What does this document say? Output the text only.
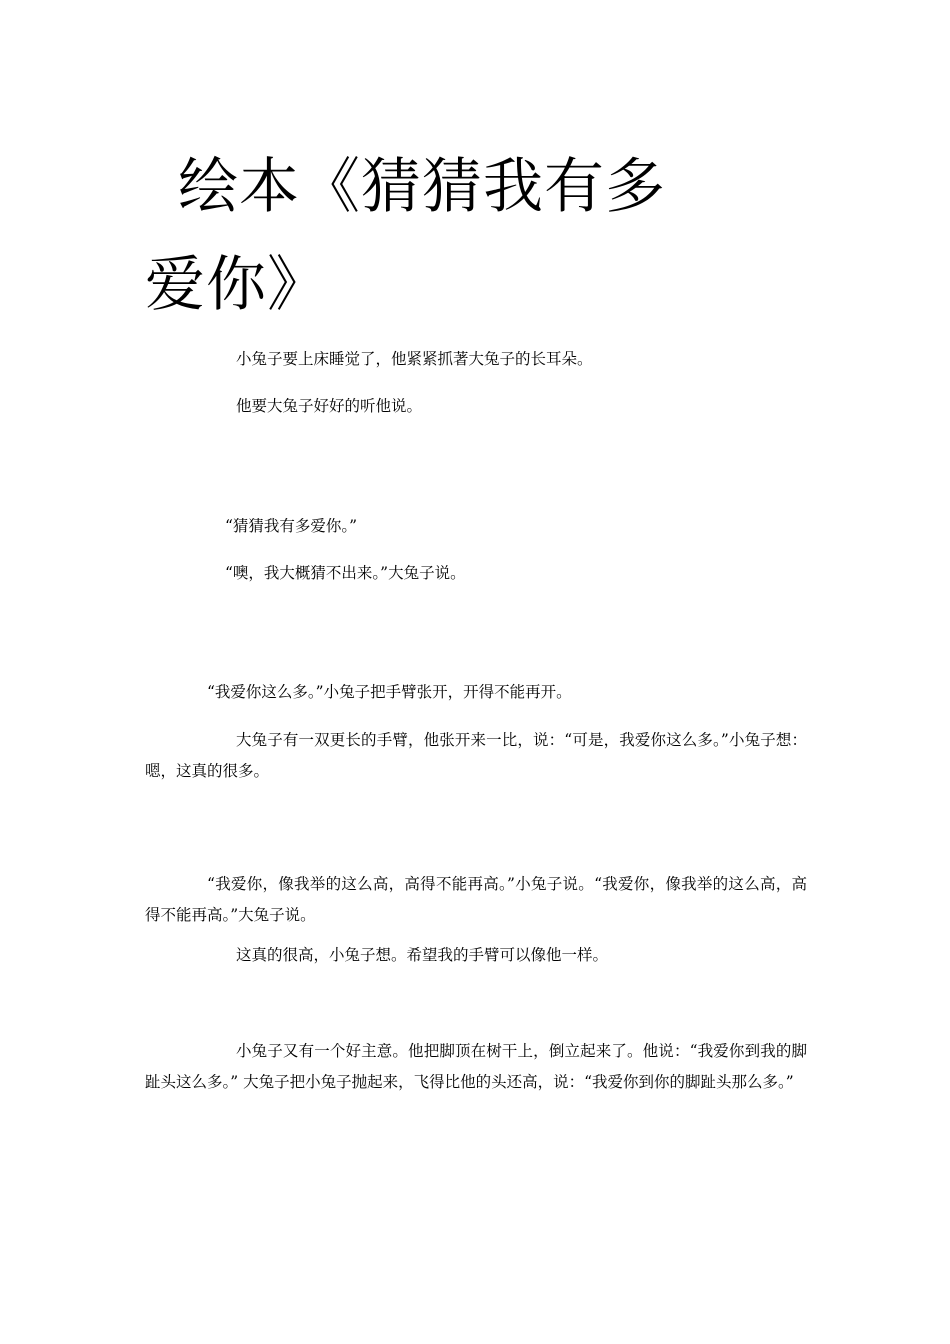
绘本《猜猜我有多爱你》

小兔子要上床睡觉了，他紧紧抓著大兔子的长耳朵。

他要大兔子好好的听他说。

“猜猜我有多爱你。”

“噢，我大概猜不出来。”大兔子说。

“我爱你这么多。”小兔子把手臂张开，开得不能再开。

大兔子有一双更长的手臂，他张开来一比，说：“可是，我爱你这么多。”小兔子想：嗯，这真的很多。

“我爱你，像我举的这么高，高得不能再高。”小兔子说。“我爱你，像我举的这么高，高得不能再高。”大兔子说。

这真的很高，小兔子想。希望我的手臂可以像他一样。

小兔子又有一个好主意。他把脚顶在树干上，倒立起来了。他说：“我爱你到我的脚趾头这么多。” 大兔子把小兔子抛起来，飞得比他的头还高，说：“我爱你到你的脚趾头那么多。”
